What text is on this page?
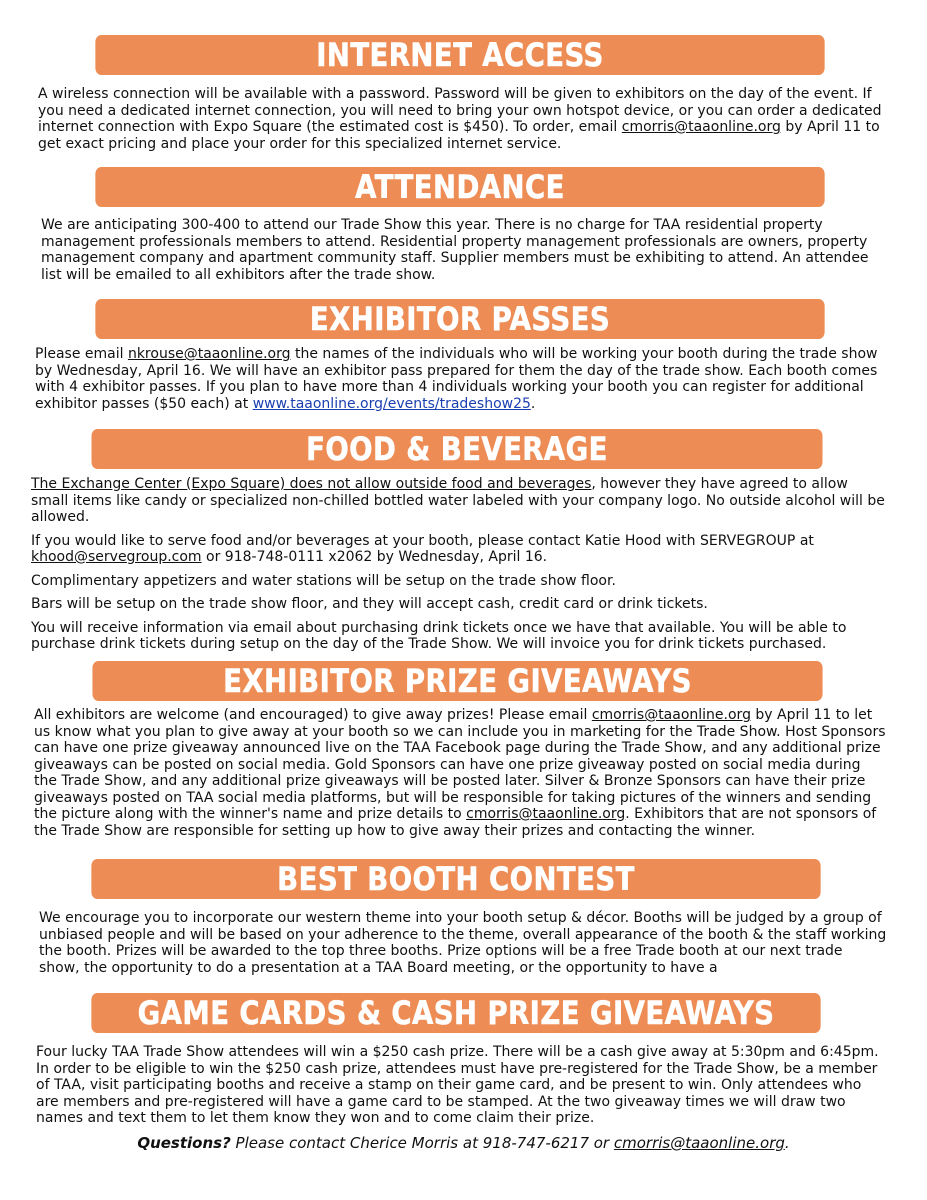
INTERNET ACCESS

A wireless connection will be available with a password. Password will be given to exhibitors on the day of the event. If you need a dedicated internet connection, you will need to bring your own hotspot device, or you can order a dedicated internet connection with Expo Square (the estimated cost is $450). To order, email cmorris@taaonline.org by April 11 to get exact pricing and place your order for this specialized internet service.

ATTENDANCE

We are anticipating 300-400 to attend our Trade Show this year. There is no charge for TAA residential property management professionals members to attend. Residential property management professionals are owners, property management company and apartment community staff. Supplier members must be exhibiting to attend. An attendee list will be emailed to all exhibitors after the trade show.

EXHIBITOR PASSES

Please email nkrouse@taaonline.org the names of the individuals who will be working your booth during the trade show by Wednesday, April 16. We will have an exhibitor pass prepared for them the day of the trade show. Each booth comes with 4 exhibitor passes. If you plan to have more than 4 individuals working your booth you can register for additional exhibitor passes ($50 each) at www.taaonline.org/events/tradeshow25.

FOOD & BEVERAGE

The Exchange Center (Expo Square) does not allow outside food and beverages, however they have agreed to allow small items like candy or specialized non-chilled bottled water labeled with your company logo. No outside alcohol will be allowed.

If you would like to serve food and/or beverages at your booth, please contact Katie Hood with SERVEGROUP at khood@servegroup.com or 918-748-0111 x2062 by Wednesday, April 16.

Complimentary appetizers and water stations will be setup on the trade show floor.

Bars will be setup on the trade show floor, and they will accept cash, credit card or drink tickets.

You will receive information via email about purchasing drink tickets once we have that available. You will be able to purchase drink tickets during setup on the day of the Trade Show. We will invoice you for drink tickets purchased.

EXHIBITOR PRIZE GIVEAWAYS

All exhibitors are welcome (and encouraged) to give away prizes! Please email cmorris@taaonline.org by April 11 to let us know what you plan to give away at your booth so we can include you in marketing for the Trade Show. Host Sponsors can have one prize giveaway announced live on the TAA Facebook page during the Trade Show, and any additional prize giveaways can be posted on social media. Gold Sponsors can have one prize giveaway posted on social media during the Trade Show, and any additional prize giveaways will be posted later. Silver & Bronze Sponsors can have their prize giveaways posted on TAA social media platforms, but will be responsible for taking pictures of the winners and sending the picture along with the winner's name and prize details to cmorris@taaonline.org. Exhibitors that are not sponsors of the Trade Show are responsible for setting up how to give away their prizes and contacting the winner.

BEST BOOTH CONTEST

We encourage you to incorporate our western theme into your booth setup & décor. Booths will be judged by a group of unbiased people and will be based on your adherence to the theme, overall appearance of the booth & the staff working the booth. Prizes will be awarded to the top three booths. Prize options will be a free Trade booth at our next trade show, the opportunity to do a presentation at a TAA Board meeting, or the opportunity to have a

GAME CARDS & CASH PRIZE GIVEAWAYS

Four lucky TAA Trade Show attendees will win a $250 cash prize. There will be a cash give away at 5:30pm and 6:45pm. In order to be eligible to win the $250 cash prize, attendees must have pre-registered for the Trade Show, be a member of TAA, visit participating booths and receive a stamp on their game card, and be present to win. Only attendees who are members and pre-registered will have a game card to be stamped. At the two giveaway times we will draw two names and text them to let them know they won and to come claim their prize.

Questions? Please contact Cherice Morris at 918-747-6217 or cmorris@taaonline.org.
